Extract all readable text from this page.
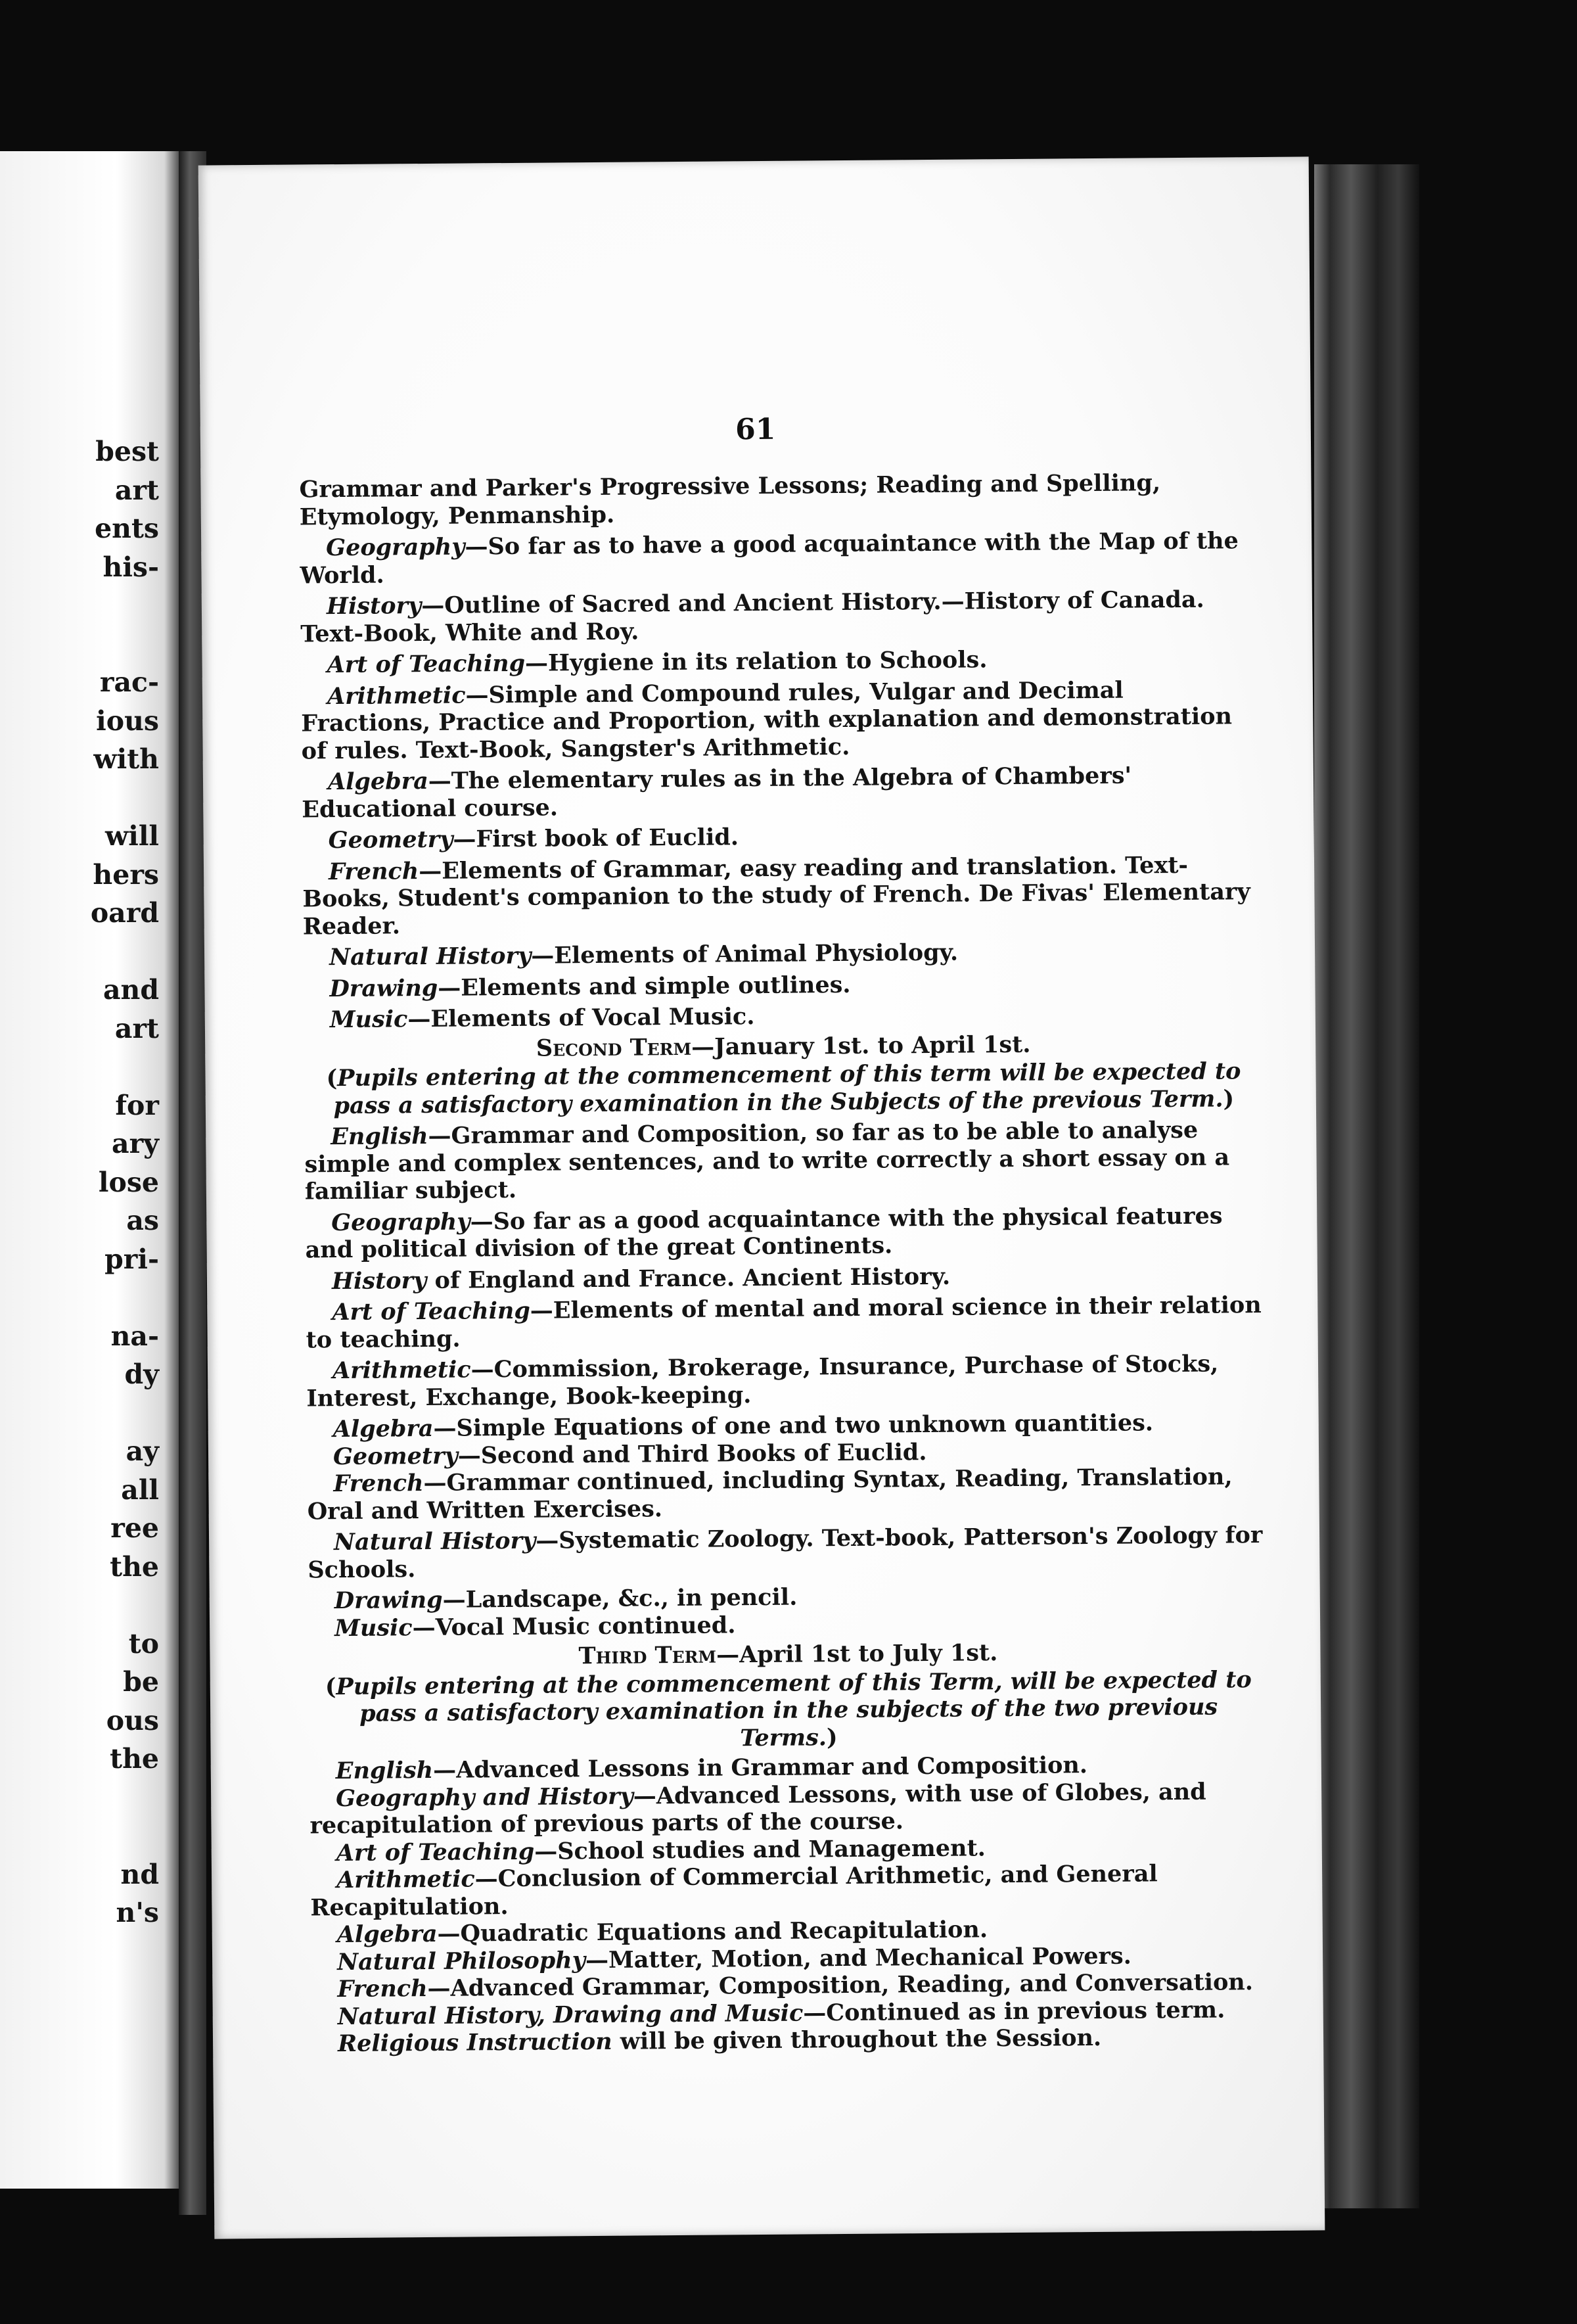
best
art
ents
his-
rac-
ious
with
will
hers
oard
and
art
for
ary
lose
as
pri-
na-
dy
ay
all
ree
the
to
be
ous
the
nd
n's

61

Grammar and Parker's Progressive Lessons; Reading and Spelling, Etymology, Penmanship.

Geography—So far as to have a good acquaintance with the Map of the World.

History—Outline of Sacred and Ancient History.—History of Canada. Text-Book, White and Roy.

Art of Teaching—Hygiene in its relation to Schools.

Arithmetic—Simple and Compound rules, Vulgar and Decimal Fractions, Practice and Proportion, with explanation and demonstration of rules. Text-Book, Sangster's Arithmetic.

Algebra—The elementary rules as in the Algebra of Chambers' Educational course.

Geometry—First book of Euclid.

French—Elements of Grammar, easy reading and translation. Text-Books, Student's companion to the study of French. De Fivas' Elementary Reader.

Natural History—Elements of Animal Physiology.

Drawing—Elements and simple outlines.

Music—Elements of Vocal Music.

Second Term—January 1st. to April 1st.

(Pupils entering at the commencement of this term will be expected to pass a satisfactory examination in the Subjects of the previous Term.)

English—Grammar and Composition, so far as to be able to analyse simple and complex sentences, and to write correctly a short essay on a familiar subject.

Geography—So far as a good acquaintance with the physical features and political division of the great Continents.

History of England and France. Ancient History.

Art of Teaching—Elements of mental and moral science in their relation to teaching.

Arithmetic—Commission, Brokerage, Insurance, Purchase of Stocks, Interest, Exchange, Book-keeping.

Algebra—Simple Equations of one and two unknown quantities.

Geometry—Second and Third Books of Euclid.

French—Grammar continued, including Syntax, Reading, Translation, Oral and Written Exercises.

Natural History—Systematic Zoology. Text-book, Patterson's Zoology for Schools.

Drawing—Landscape, &c., in pencil.

Music—Vocal Music continued.

Third Term—April 1st to July 1st.

(Pupils entering at the commencement of this Term, will be expected to pass a satisfactory examination in the subjects of the two previous Terms.)

English—Advanced Lessons in Grammar and Composition.

Geography and History—Advanced Lessons, with use of Globes, and recapitulation of previous parts of the course.

Art of Teaching—School studies and Management.

Arithmetic—Conclusion of Commercial Arithmetic, and General Recapitulation.

Algebra—Quadratic Equations and Recapitulation.

Natural Philosophy—Matter, Motion, and Mechanical Powers.

French—Advanced Grammar, Composition, Reading, and Conversation.

Natural History, Drawing and Music—Continued as in previous term.

Religious Instruction will be given throughout the Session.
